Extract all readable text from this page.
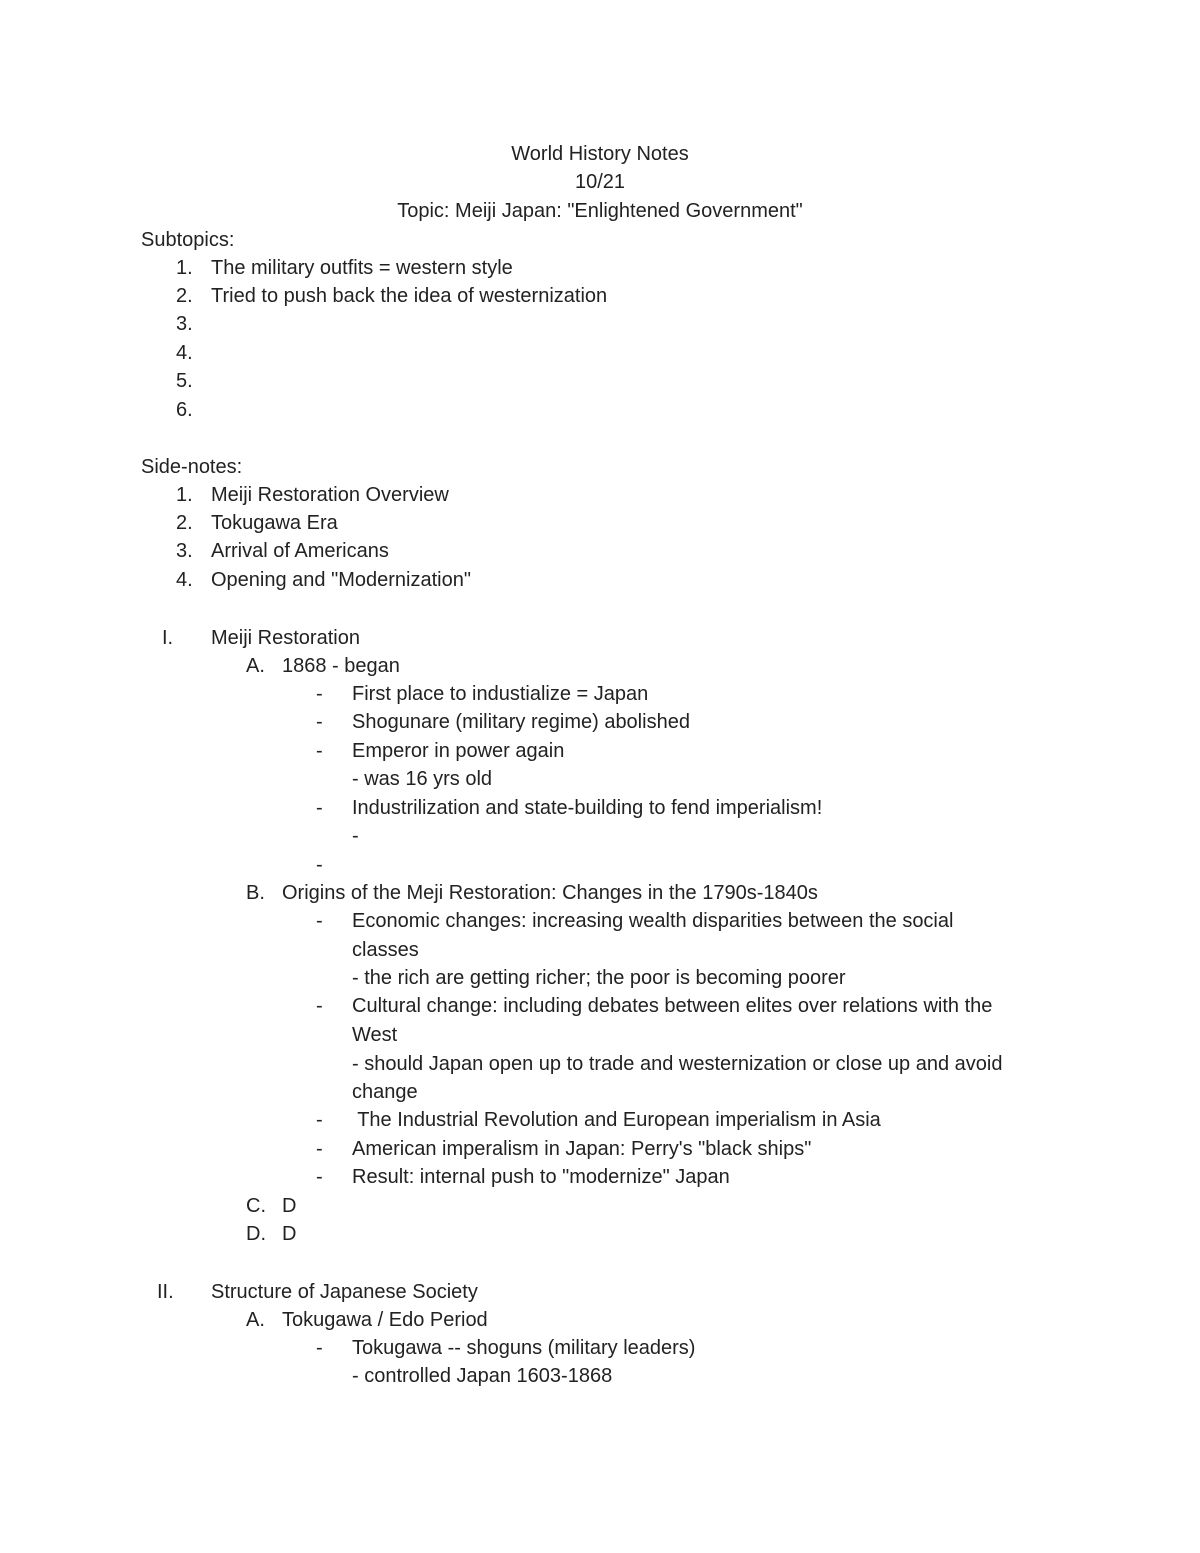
World History Notes
10/21
Topic: Meiji Japan: "Enlightened Government"
Subtopics:
1. The military outfits = western style
2. Tried to push back the idea of westernization
3.
4.
5.
6.
Side-notes:
1. Meiji Restoration Overview
2. Tokugawa Era
3. Arrival of Americans
4. Opening and "Modernization"
I. Meiji Restoration
A. 1868 - began
- First place to industialize = Japan
- Shogunare (military regime) abolished
- Emperor in power again
- was 16 yrs old
- Industrilization and state-building to fend imperialism!
-
-
B. Origins of the Meji Restoration: Changes in the 1790s-1840s
- Economic changes: increasing wealth disparities between the social
classes
- the rich are getting richer; the poor is becoming poorer
- Cultural change: including debates between elites over relations with the
West
- should Japan open up to trade and westernization or close up and avoid
change
- The Industrial Revolution and European imperialism in Asia
- American imperalism in Japan: Perry's "black ships"
- Result: internal push to "modernize" Japan
C. D
D. D
II. Structure of Japanese Society
A. Tokugawa / Edo Period
- Tokugawa -- shoguns (military leaders)
- controlled Japan 1603-1868
